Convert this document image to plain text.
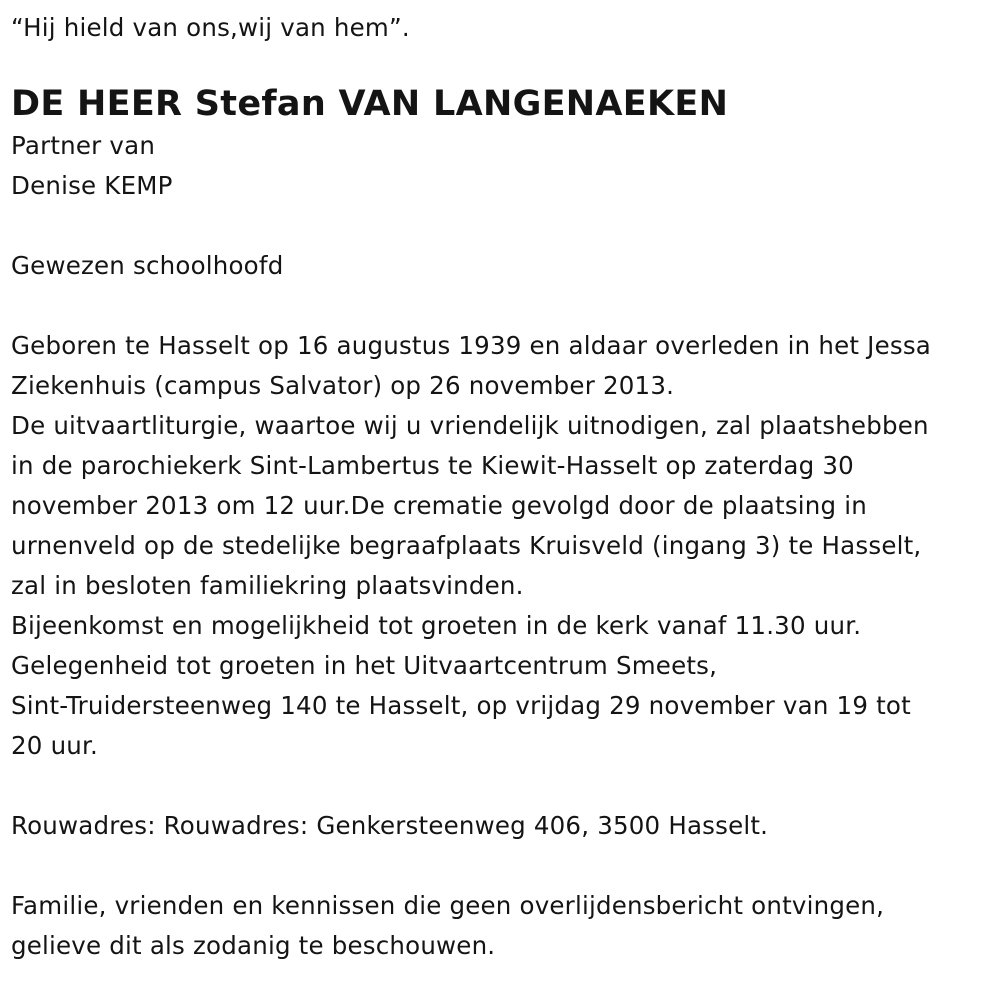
“Hij hield van ons,wij van hem”.
DE HEER Stefan VAN LANGENAEKEN
Partner van
Denise KEMP
Gewezen schoolhoofd
Geboren te Hasselt op 16 augustus 1939 en aldaar overleden in het Jessa
Ziekenhuis (campus Salvator) op 26 november 2013.
De uitvaartliturgie, waartoe wij u vriendelijk uitnodigen, zal plaatshebben
in de parochiekerk Sint-Lambertus te Kiewit-Hasselt op zaterdag 30
november 2013 om 12 uur.De crematie gevolgd door de plaatsing in
urnenveld op de stedelijke begraafplaats Kruisveld (ingang 3) te Hasselt,
zal in besloten familiekring plaatsvinden.
Bijeenkomst en mogelijkheid tot groeten in de kerk vanaf 11.30 uur.
Gelegenheid tot groeten in het Uitvaartcentrum Smeets,
Sint-Truidersteenweg 140 te Hasselt, op vrijdag 29 november van 19 tot
20 uur.
Rouwadres: Rouwadres: Genkersteenweg 406, 3500 Hasselt.
Familie, vrienden en kennissen die geen overlijdensbericht ontvingen,
gelieve dit als zodanig te beschouwen.
